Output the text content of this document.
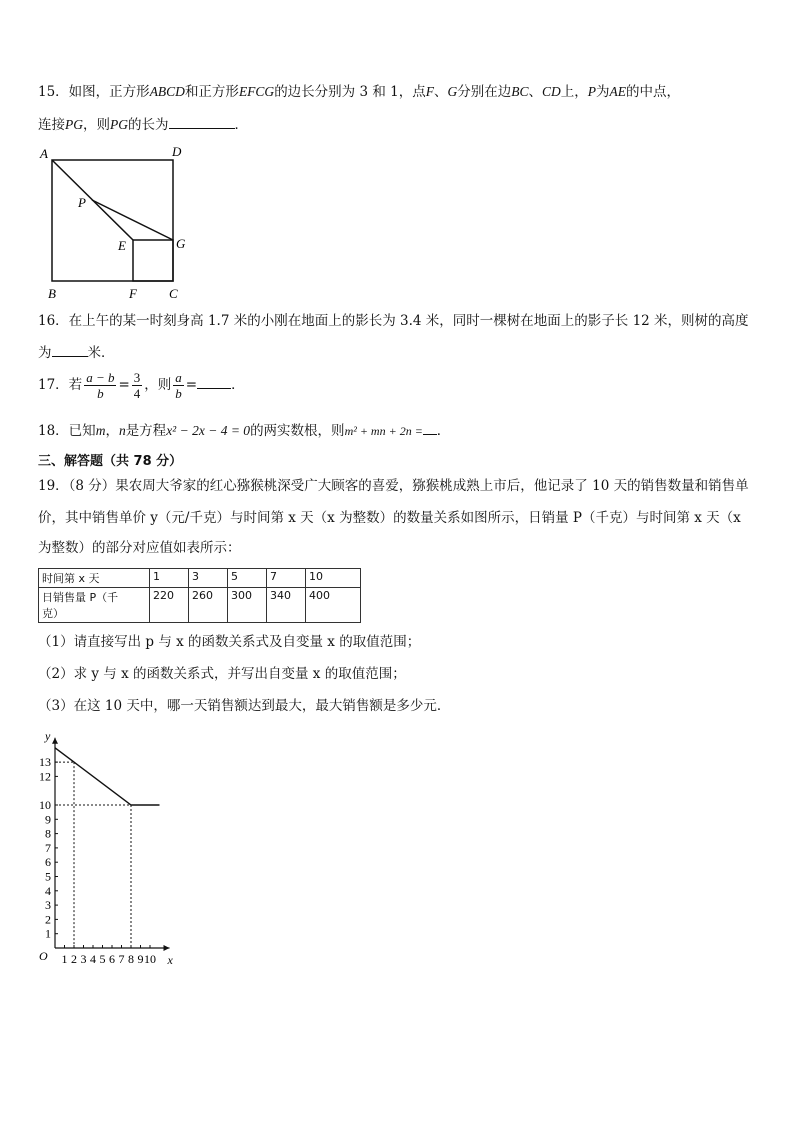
15．如图，正方形ABCD和正方形EFCG的边长分别为 3 和 1，点F、G分别在边BC、CD上，P为AE的中点，
连接PG，则PG的长为	．
A	D
P
E	G
B	F C
16．在上午的某一时刻身高 1.7 米的小刚在地面上的影长为 3.4 米，同时一棵树在地面上的影子长 12 米，则树的高度
为	米．
17．若 $\frac{a - b}{b} = \frac{3}{4}$ ，则 $\frac{a}{b}$ =	．
18．已知m，n是方程x² − 2x − 4 = 0的两实数根，则m² + mn + 2n = ．
三、解答题（共 78 分）
19．（8 分）果农周大爷家的红心猕猴桃深受广大顾客的喜爱，猕猴桃成熟上市后，他记录了 10 天的销售数量和销售单
价，其中销售单价 y（元/千克）与时间第 x 天（x 为整数）的数量关系如图所示，日销量 P（千克）与时间第 x 天（x
为整数）的部分对应值如表所示：
时间第 x 天	1	3	5	7	10
日销售量 P（千
克）	220	260	300	340	400
（1）请直接写出 p 与 x 的函数关系式及自变量 x 的取值范围；
（2）求 y 与 x 的函数关系式，并写出自变量 x 的取值范围；
（3）在这 10 天中，哪一天销售额达到最大，最大销售额是多少元．
x
y
O 1 2 3 4 5 6 7 8 9 10
1
2
3
4
5
6
7
8
9
10
12
13
